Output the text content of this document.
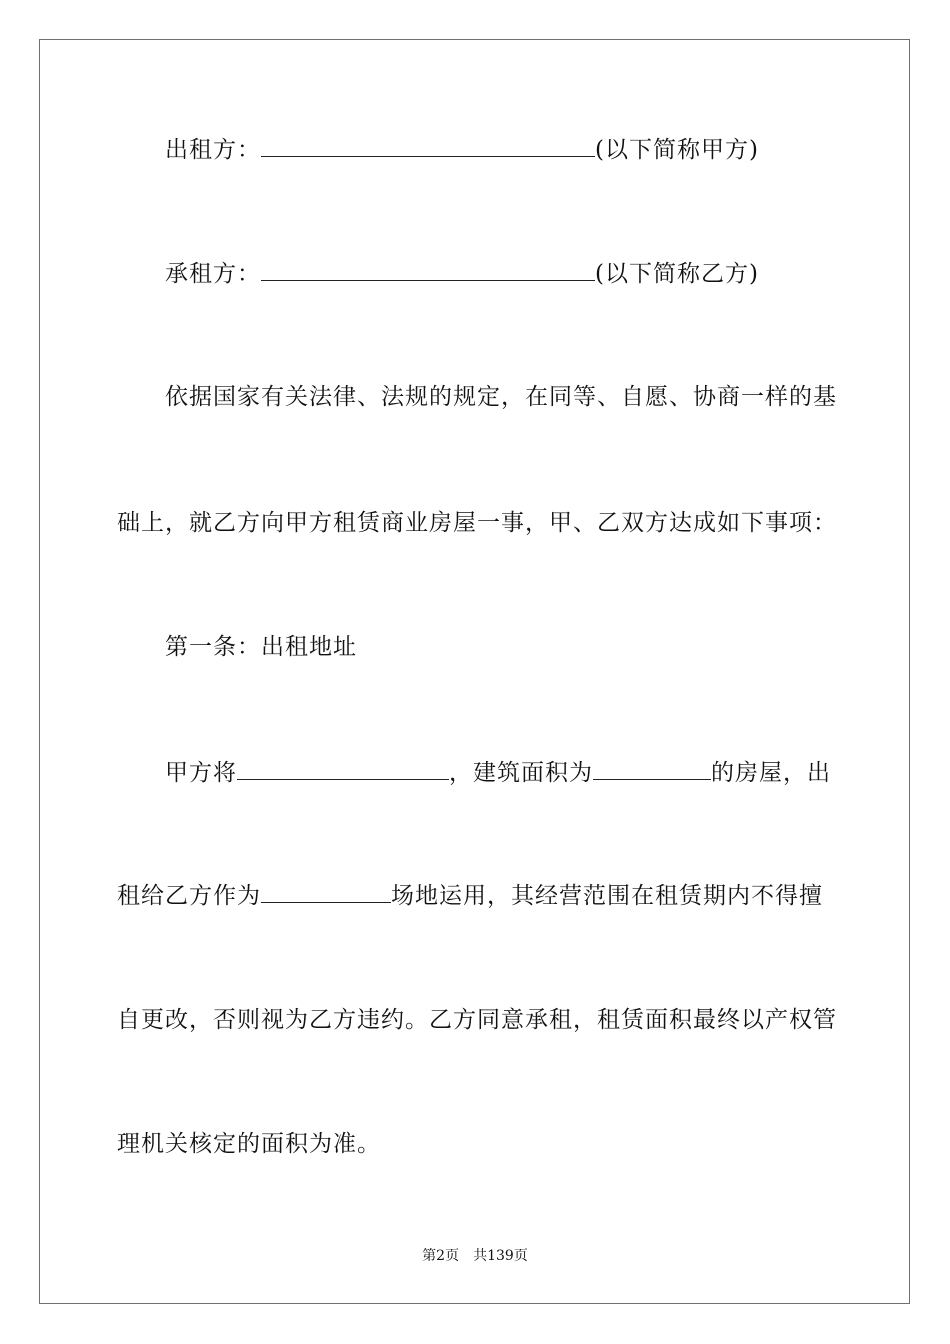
出租方：	(以下简称甲方)
承租方：	(以下简称乙方)
依据国家有关法律、法规的规定，在同等、自愿、协商一样的基
础上，就乙方向甲方租赁商业房屋一事，甲、乙双方达成如下事项：
第一条：出租地址
甲方将	，建筑面积为	的房屋，出
租给乙方作为	场地运用，其经营范围在租赁期内不得擅
自更改，否则视为乙方违约。乙方同意承租，租赁面积最终以产权管
理机关核定的面积为准。
第2页 共139页
